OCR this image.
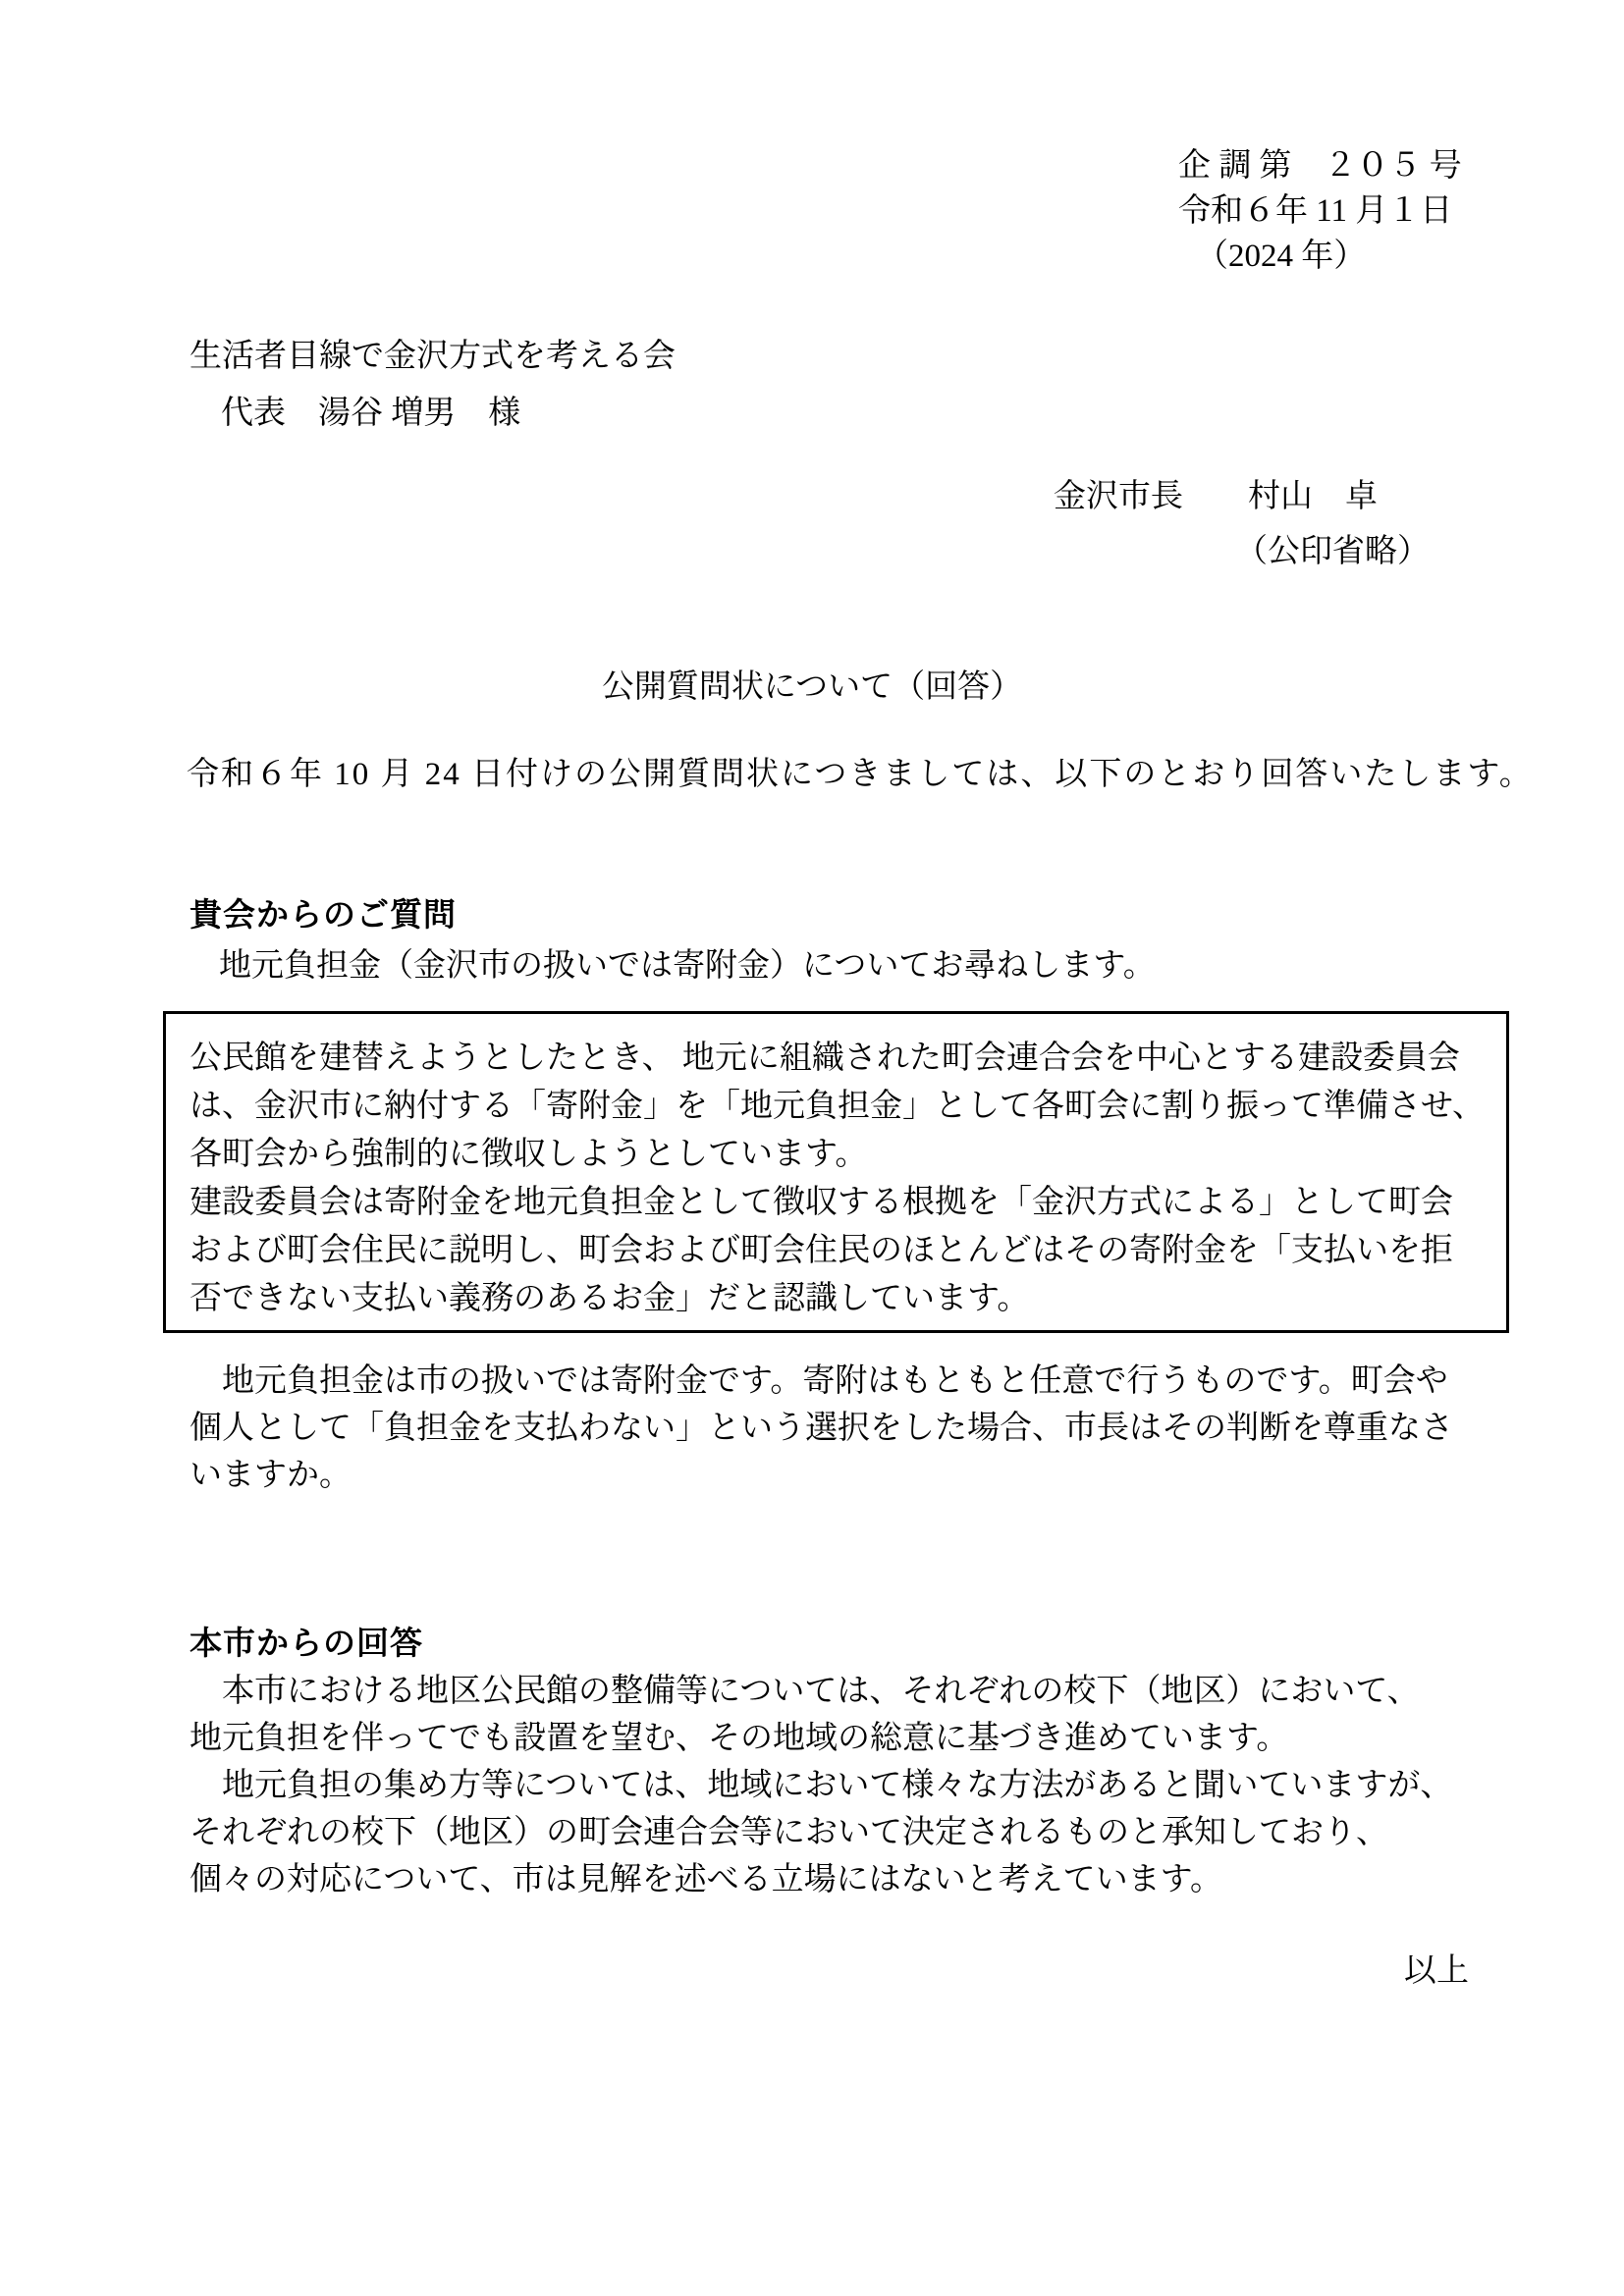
企 調 第　２０５ 号
令和６年 11 月１日
（2024 年）
生活者目線で金沢方式を考える会
代表　湯谷 増男　様
金沢市長　　村山　卓
（公印省略）
公開質問状について（回答）
令和６年 10 月 24 日付けの公開質問状につきましては、以下のとおり回答いたします。
貴会からのご質問
地元負担金（金沢市の扱いでは寄附金）についてお尋ねします。
公民館を建替えようとしたとき、 地元に組織された町会連合会を中心とする建設委員会
は、金沢市に納付する「寄附金」を「地元負担金」として各町会に割り振って準備させ、
各町会から強制的に徴収しようとしています。
建設委員会は寄附金を地元負担金として徴収する根拠を「金沢方式による」として町会
および町会住民に説明し、町会および町会住民のほとんどはその寄附金を「支払いを拒
否できない支払い義務のあるお金」だと認識しています。
　地元負担金は市の扱いでは寄附金です。寄附はもともと任意で行うものです。町会や
個人として「負担金を支払わない」という選択をした場合、市長はその判断を尊重なさ
いますか。
本市からの回答
　本市における地区公民館の整備等については、それぞれの校下（地区）において、
地元負担を伴ってでも設置を望む、その地域の総意に基づき進めています。
　地元負担の集め方等については、地域において様々な方法があると聞いていますが、
それぞれの校下（地区）の町会連合会等において決定されるものと承知しており、
個々の対応について、市は見解を述べる立場にはないと考えています。
以上
